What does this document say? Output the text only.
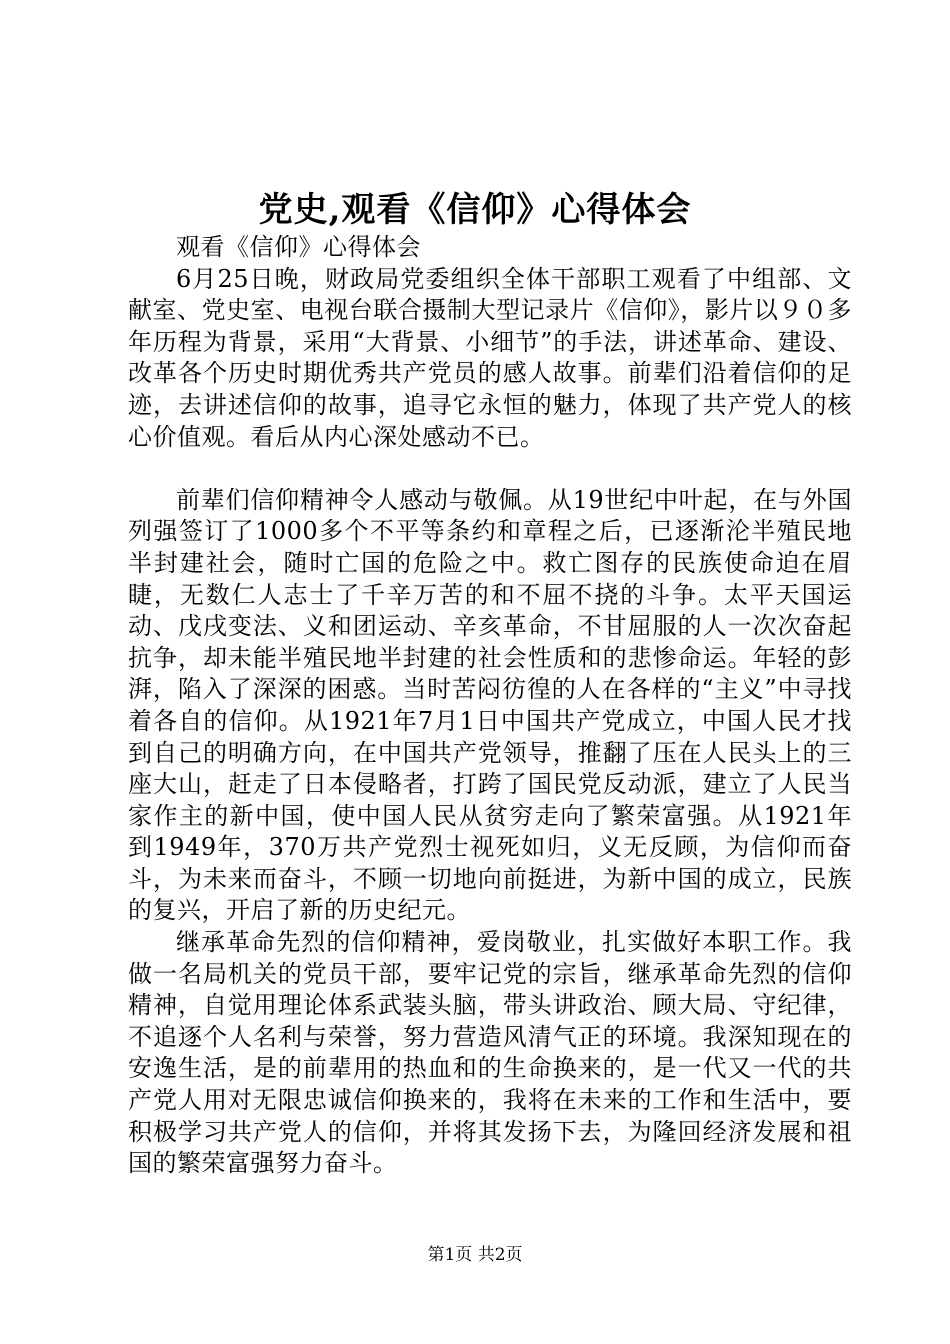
党史,观看《信仰》心得体会

观看《信仰》心得体会

6月25日晚，财政局党委组织全体干部职工观看了中组部、文献室、党史室、电视台联合摄制大型记录片《信仰》，影片以９０多年历程为背景，采用“大背景、小细节”的手法，讲述革命、建设、改革各个历史时期优秀共产党员的感人故事。前辈们沿着信仰的足迹，去讲述信仰的故事，追寻它永恒的魅力，体现了共产党人的核心价值观。看后从内心深处感动不已。

前辈们信仰精神令人感动与敬佩。从19世纪中叶起，在与外国列强签订了1000多个不平等条约和章程之后，已逐渐沦半殖民地半封建社会，随时亡国的危险之中。救亡图存的民族使命迫在眉睫，无数仁人志士了千辛万苦的和不屈不挠的斗争。太平天国运动、戊戌变法、义和团运动、辛亥革命，不甘屈服的人一次次奋起抗争，却未能半殖民地半封建的社会性质和的悲惨命运。年轻的彭湃，陷入了深深的困惑。当时苦闷彷徨的人在各样的“主义”中寻找着各自的信仰。从1921年7月1日中国共产党成立，中国人民才找到自己的明确方向，在中国共产党领导，推翻了压在人民头上的三座大山，赶走了日本侵略者，打跨了国民党反动派，建立了人民当家作主的新中国，使中国人民从贫穷走向了繁荣富强。从1921年到1949年，370万共产党烈士视死如归，义无反顾，为信仰而奋斗，为未来而奋斗，不顾一切地向前挺进，为新中国的成立，民族的复兴，开启了新的历史纪元。

继承革命先烈的信仰精神，爱岗敬业，扎实做好本职工作。我做一名局机关的党员干部，要牢记党的宗旨，继承革命先烈的信仰精神，自觉用理论体系武装头脑，带头讲政治、顾大局、守纪律，不追逐个人名利与荣誉，努力营造风清气正的环境。我深知现在的安逸生活，是的前辈用的热血和的生命换来的，是一代又一代的共产党人用对无限忠诚信仰换来的，我将在未来的工作和生活中，要积极学习共产党人的信仰，并将其发扬下去，为隆回经济发展和祖国的繁荣富强努力奋斗。

第1页 共2页
